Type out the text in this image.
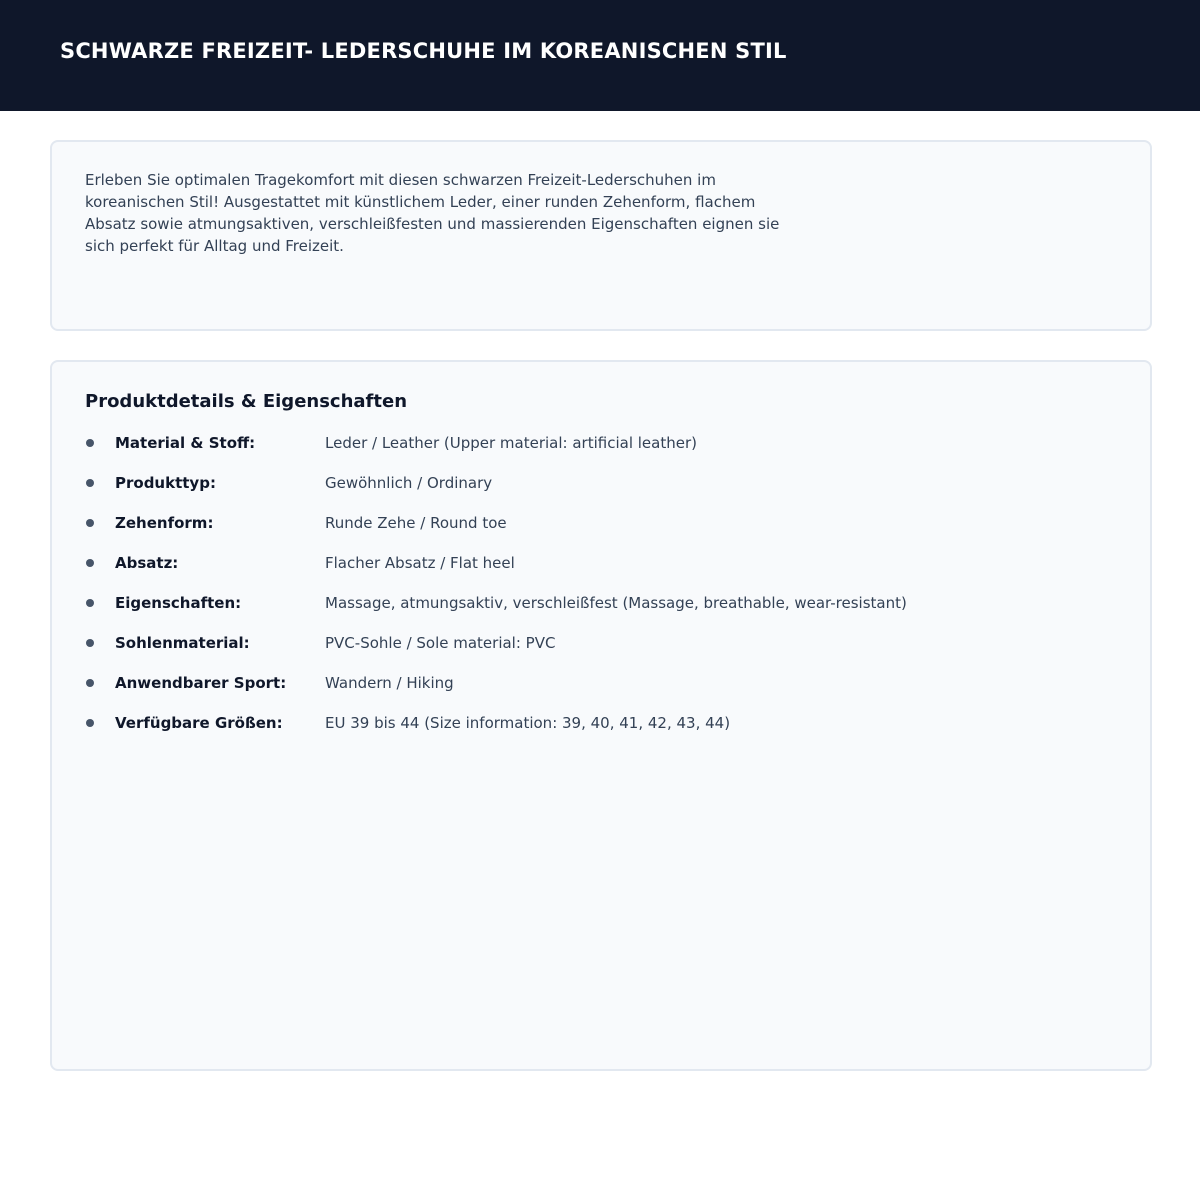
SCHWARZE FREIZEIT- LEDERSCHUHE IM KOREANISCHEN STIL

Erleben Sie optimalen Tragekomfort mit diesen schwarzen Freizeit-Lederschuhen im koreanischen Stil! Ausgestattet mit künstlichem Leder, einer runden Zehenform, flachem Absatz sowie atmungsaktiven, verschleißfesten und massierenden Eigenschaften eignen sie sich perfekt für Alltag und Freizeit.

Produktdetails & Eigenschaften
Material & Stoff:	Leder / Leather (Upper material: artificial leather)
Produkttyp:	Gewöhnlich / Ordinary
Zehenform:	Runde Zehe / Round toe
Absatz:	Flacher Absatz / Flat heel
Eigenschaften:	Massage, atmungsaktiv, verschleißfest (Massage, breathable, wear-resistant)
Sohlenmaterial:	PVC-Sohle / Sole material: PVC
Anwendbarer Sport:	Wandern / Hiking
Verfügbare Größen:	EU 39 bis 44 (Size information: 39, 40, 41, 42, 43, 44)
